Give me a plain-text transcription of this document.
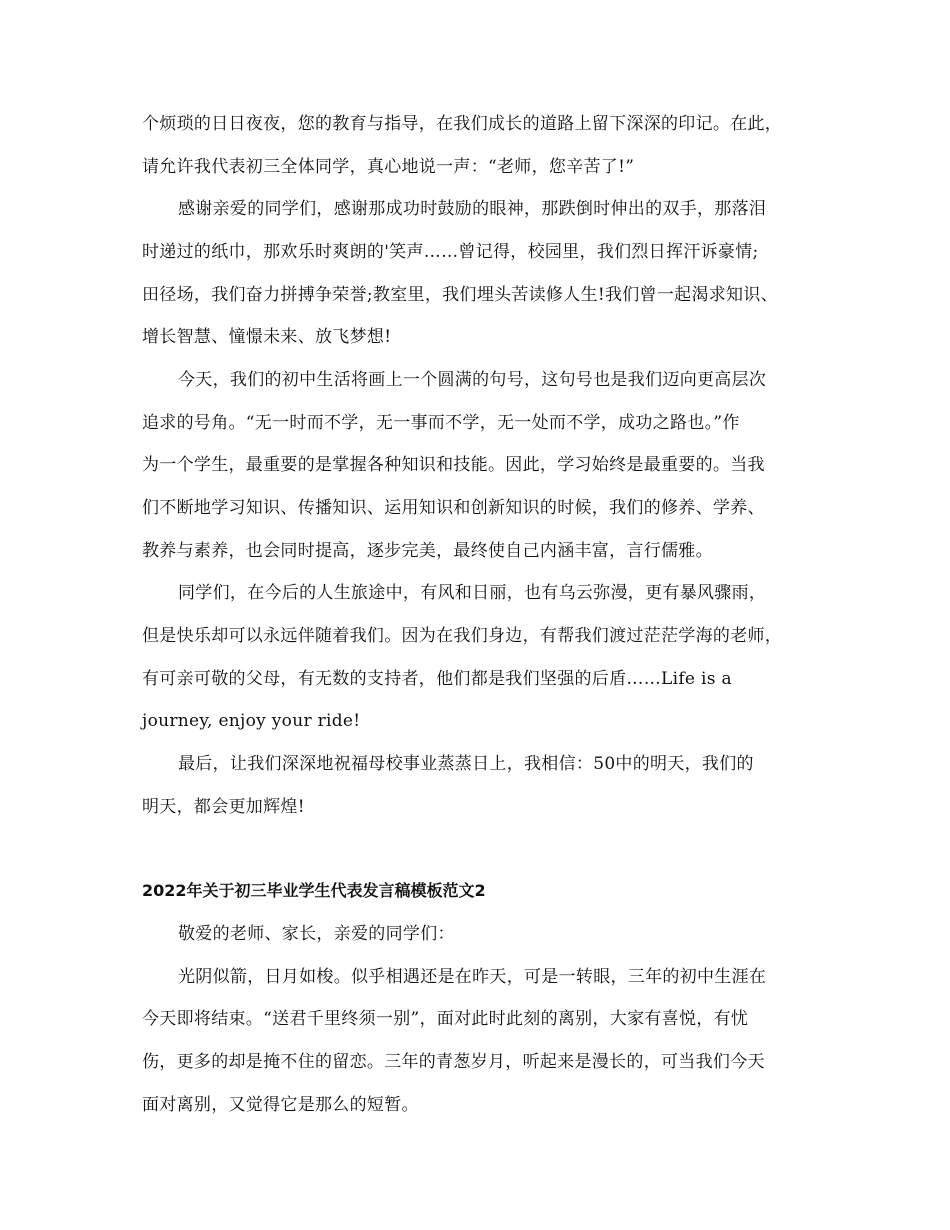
个烦琐的日日夜夜，您的教育与指导，在我们成长的道路上留下深深的印记。在此，
请允许我代表初三全体同学，真心地说一声：“老师，您辛苦了!”
感谢亲爱的同学们，感谢那成功时鼓励的眼神，那跌倒时伸出的双手，那落泪
时递过的纸巾，那欢乐时爽朗的'笑声……曾记得，校园里，我们烈日挥汗诉豪情;
田径场，我们奋力拼搏争荣誉;教室里，我们埋头苦读修人生!我们曾一起渴求知识、
增长智慧、憧憬未来、放飞梦想!
今天，我们的初中生活将画上一个圆满的句号，这句号也是我们迈向更高层次
追求的号角。“无一时而不学，无一事而不学，无一处而不学，成功之路也。”作
为一个学生，最重要的是掌握各种知识和技能。因此，学习始终是最重要的。当我
们不断地学习知识、传播知识、运用知识和创新知识的时候，我们的修养、学养、
教养与素养，也会同时提高，逐步完美，最终使自己内涵丰富，言行儒雅。
同学们，在今后的人生旅途中，有风和日丽，也有乌云弥漫，更有暴风骤雨，
但是快乐却可以永远伴随着我们。因为在我们身边，有帮我们渡过茫茫学海的老师，
有可亲可敬的父母，有无数的支持者，他们都是我们坚强的后盾……Life is a
journey, enjoy your ride!
最后，让我们深深地祝福母校事业蒸蒸日上，我相信：50中的明天，我们的
明天，都会更加辉煌!
2022年关于初三毕业学生代表发言稿模板范文2
敬爱的老师、家长，亲爱的同学们：
光阴似箭，日月如梭。似乎相遇还是在昨天，可是一转眼，三年的初中生涯在
今天即将结束。“送君千里终须一别”，面对此时此刻的离别，大家有喜悦，有忧
伤，更多的却是掩不住的留恋。三年的青葱岁月，听起来是漫长的，可当我们今天
面对离别，又觉得它是那么的短暂。
